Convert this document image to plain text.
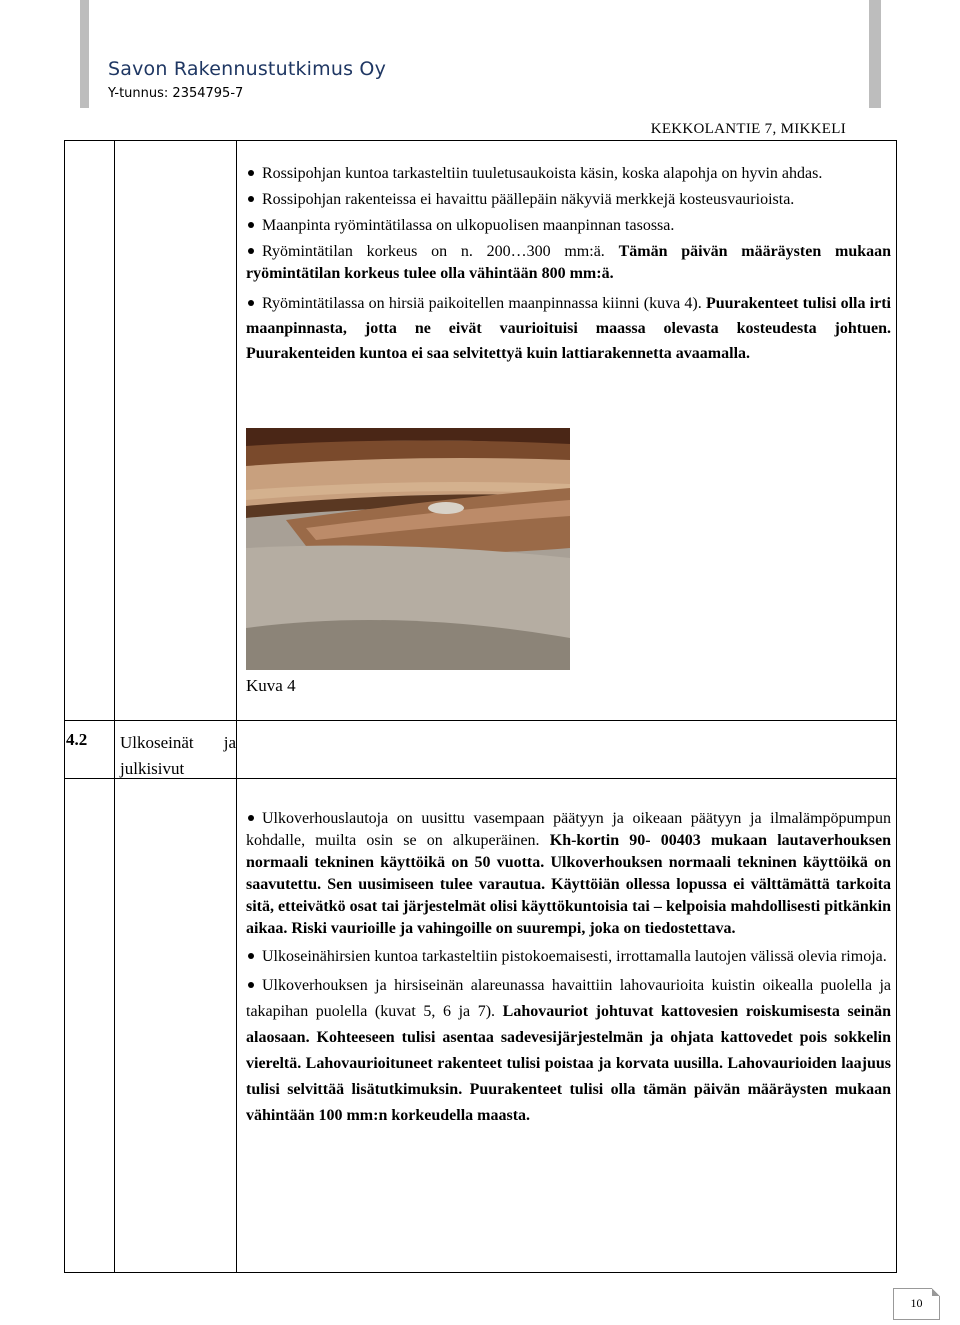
Savon Rakennustutkimus Oy
Y-tunnus: 2354795-7
KEKKOLANTIE 7, MIKKELI
Rossipohjan kuntoa tarkasteltiin tuuletusaukoista käsin, koska alapohja on hyvin ahdas.
Rossipohjan rakenteissa ei havaittu päällepäin näkyviä merkkejä kosteusvaurioista.
Maanpinta ryömintätilassa on ulkopuolisen maanpinnan tasossa.
Ryömintätilan korkeus on n. 200…300 mm:ä. Tämän päivän määräysten mukaan ryömintätilan korkeus tulee olla vähintään 800 mm:ä.
Ryömintätilassa on hirsiä paikoitellen maanpinnassa kiinni (kuva 4). Puurakenteet tulisi olla irti maanpinnasta, jotta ne eivät vaurioituisi maassa olevasta kosteudesta johtuen. Puurakenteiden kuntoa ei saa selvitettyä kuin lattiarakennetta avaamalla.
Kuva 4
4.2 Ulkoseinät ja julkisivut
Ulkoverhouslautoja on uusittu vasempaan päätyyn ja oikeaan päätyyn ja ilmalämpöpumpun kohdalle, muilta osin se on alkuperäinen. Kh-kortin 90- 00403 mukaan lautaverhouksen normaali tekninen käyttöikä on 50 vuotta. Ulkoverhouksen normaali tekninen käyttöikä on saavutettu. Sen uusimiseen tulee varautua. Käyttöiän ollessa lopussa ei välttämättä tarkoita sitä, etteivätkö osat tai järjestelmät olisi käyttökuntoisia tai – kelpoisia mahdollisesti pitkänkin aikaa. Riski vaurioille ja vahingoille on suurempi, joka on tiedostettava.
Ulkoseinähirsien kuntoa tarkasteltiin pistokoemaisesti, irrottamalla lautojen välissä olevia rimoja.
Ulkoverhouksen ja hirsiseinän alareunassa havaittiin lahovaurioita kuistin oikealla puolella ja takapihan puolella (kuvat 5, 6 ja 7). Lahovauriot johtuvat kattovesien roiskumisesta seinän alaosaan. Kohteeseen tulisi asentaa sadevesijärjestelmän ja ohjata kattovedet pois sokkelin viereltä. Lahovaurioituneet rakenteet tulisi poistaa ja korvata uusilla. Lahovaurioiden laajuus tulisi selvittää lisätutkimuksin. Puurakenteet tulisi olla tämän päivän määräysten mukaan vähintään 100 mm:n korkeudella maasta.
10
